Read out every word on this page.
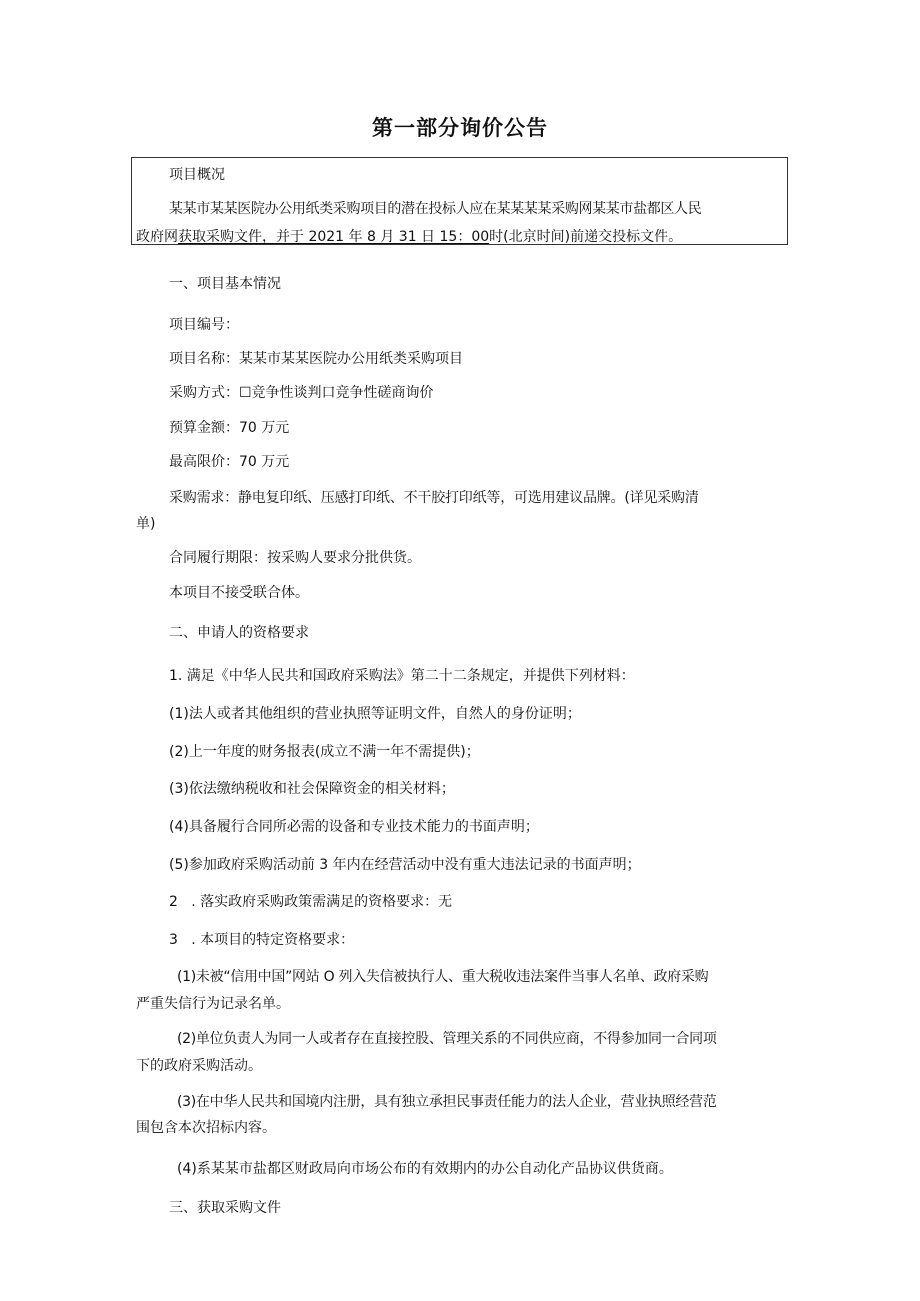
第一部分询价公告

项目概况

某某市某某医院办公用纸类采购项目的潜在投标人应在某某某某采购网某某市盐都区人民

政府网获取采购文件，并于 2021 年 8 月 31 日 15：00时(北京时间)前递交投标文件。

一、项目基本情况

项目编号：

项目名称：某某市某某医院办公用纸类采购项目

采购方式：☐竞争性谈判口竞争性磋商询价

预算金额：70 万元

最高限价：70 万元

采购需求：静电复印纸、压感打印纸、不干胶打印纸等，可选用建议品牌。(详见采购清

单)

合同履行期限：按采购人要求分批供货。

本项目不接受联合体。

二、申请人的资格要求

1. 满足《中华人民共和国政府采购法》第二十二条规定，并提供下列材料：

(1)法人或者其他组织的营业执照等证明文件，自然人的身份证明；

(2)上一年度的财务报表(成立不满一年不需提供)；

(3)依法缴纳税收和社会保障资金的相关材料；

(4)具备履行合同所必需的设备和专业技术能力的书面声明；

(5)参加政府采购活动前 3 年内在经营活动中没有重大违法记录的书面声明；

2   . 落实政府采购政策需满足的资格要求：无

3   . 本项目的特定资格要求：

(1)未被“信用中国”网站 O 列入失信被执行人、重大税收违法案件当事人名单、政府采购

严重失信行为记录名单。

(2)单位负责人为同一人或者存在直接控股、管理关系的不同供应商，不得参加同一合同项

下的政府采购活动。

(3)在中华人民共和国境内注册，具有独立承担民事责任能力的法人企业，营业执照经营范

围包含本次招标内容。

(4)系某某市盐都区财政局向市场公布的有效期内的办公自动化产品协议供货商。

三、获取采购文件
